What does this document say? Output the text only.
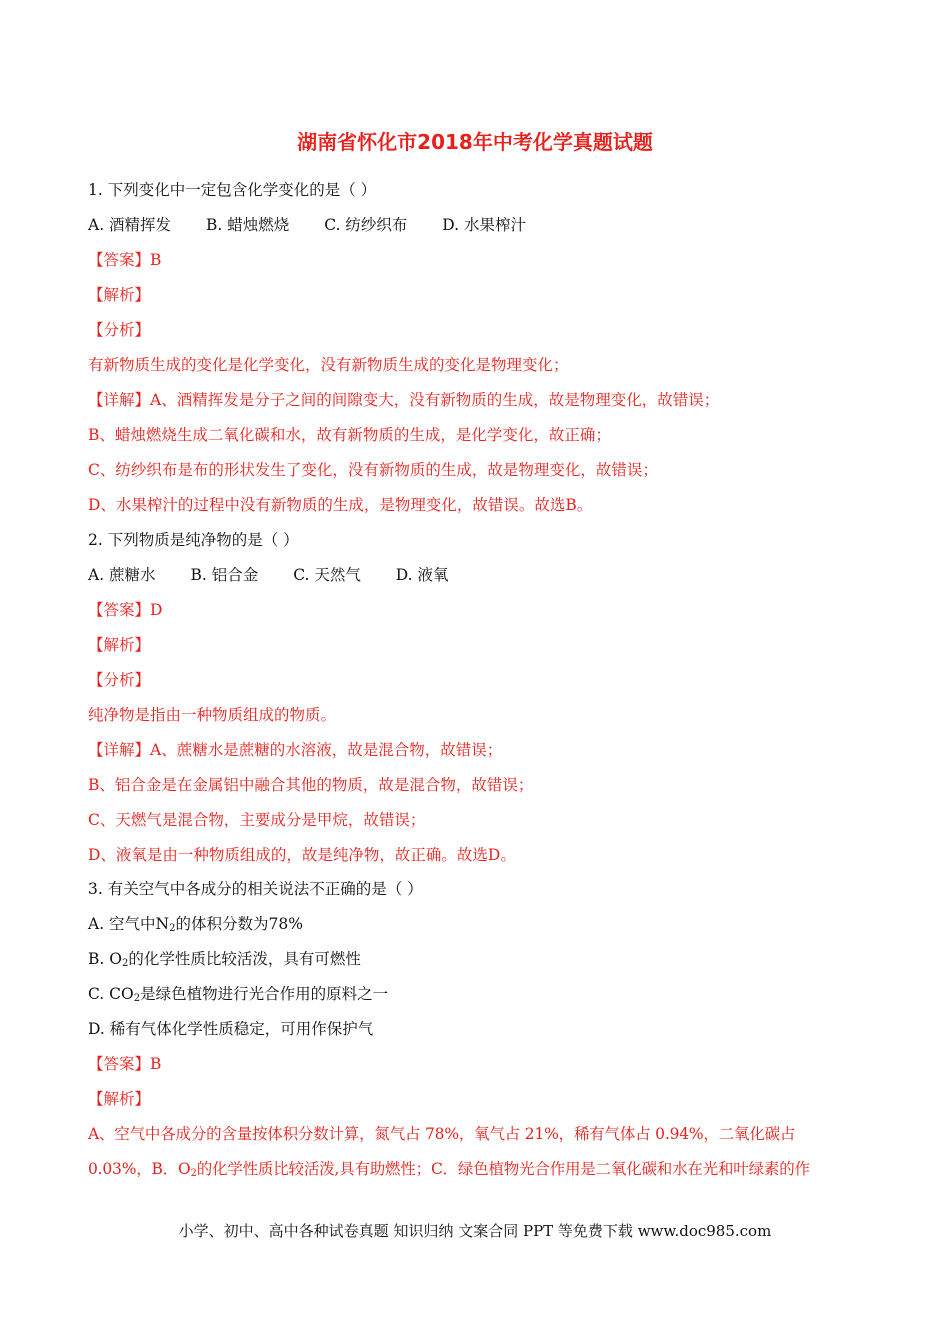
湖南省怀化市2018年中考化学真题试题
1. 下列变化中一定包含化学变化的是（ ）
A. 酒精挥发 B. 蜡烛燃烧 C. 纺纱织布 D. 水果榨汁
【答案】B
【解析】
【分析】
有新物质生成的变化是化学变化，没有新物质生成的变化是物理变化；
【详解】A、酒精挥发是分子之间的间隙变大，没有新物质的生成，故是物理变化，故错误；
B、蜡烛燃烧生成二氧化碳和水，故有新物质的生成，是化学变化，故正确；
C、纺纱织布是布的形状发生了变化，没有新物质的生成，故是物理变化，故错误；
D、水果榨汁的过程中没有新物质的生成，是物理变化，故错误。故选B。
2. 下列物质是纯净物的是（ ）
A. 蔗糖水 B. 铝合金 C. 天然气 D. 液氧
【答案】D
【解析】
【分析】
纯净物是指由一种物质组成的物质。
【详解】A、蔗糖水是蔗糖的水溶液，故是混合物，故错误；
B、铝合金是在金属铝中融合其他的物质，故是混合物，故错误；
C、天燃气是混合物，主要成分是甲烷，故错误；
D、液氧是由一种物质组成的，故是纯净物，故正确。故选D。
3. 有关空气中各成分的相关说法不正确的是（ ）
A. 空气中$N_2$的体积分数为78%
B. $O_2$的化学性质比较活泼，具有可燃性
C. $CO_2$是绿色植物进行光合作用的原料之一
D. 稀有气体化学性质稳定，可用作保护气
【答案】B
【解析】
A、空气中各成分的含量按体积分数计算，氮气占 78%，氧气占 21%，稀有气体占 0.94%，二氧化碳占
0.03%，B．$O_2$的化学性质比较活泼,具有助燃性；C．绿色植物光合作用是二氧化碳和水在光和叶绿素的作
小学、初中、高中各种试卷真题 知识归纳 文案合同 PPT 等免费下载 www.doc985.com
